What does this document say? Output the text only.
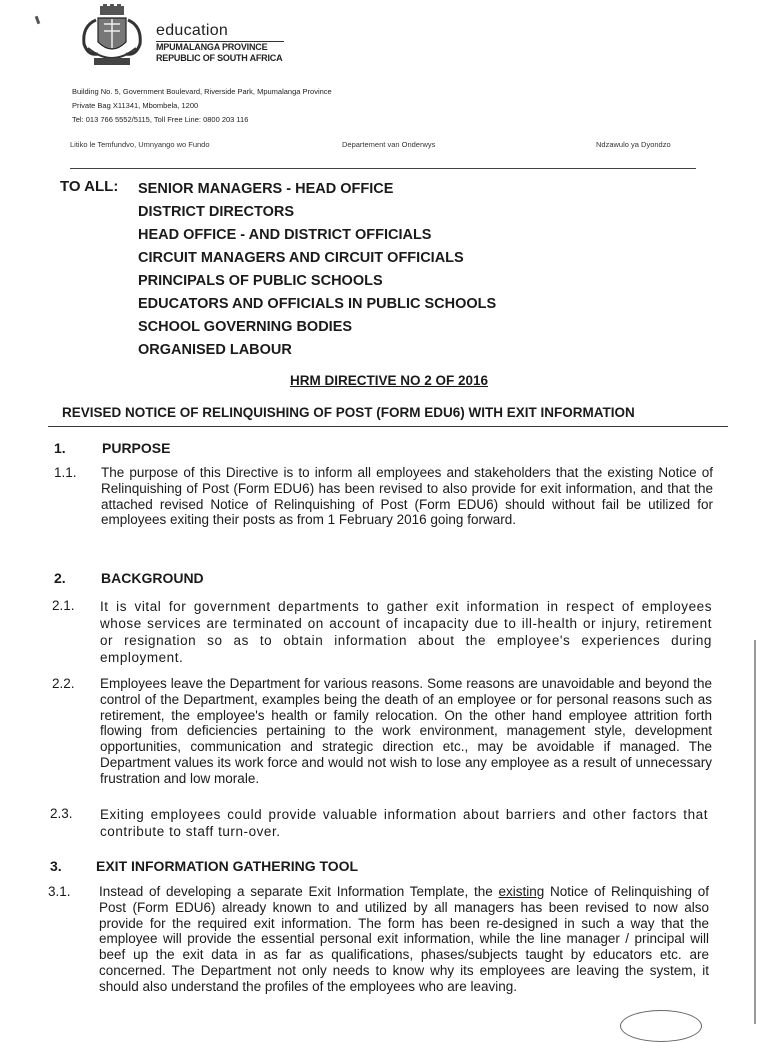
education
MPUMALANGA PROVINCE
REPUBLIC OF SOUTH AFRICA
Building No. 5, Government Boulevard, Riverside Park, Mpumalanga Province
Private Bag X11341, Mbombela, 1200
Tel: 013 766 5552/5115, Toll Free Line: 0800 203 116
Litiko le Temfundvo, Umnyango wo Fundo	Departement van Onderwys	Ndzawulo ya Dyondzo
TO ALL: SENIOR MANAGERS - HEAD OFFICE
DISTRICT DIRECTORS
HEAD OFFICE - AND DISTRICT OFFICIALS
CIRCUIT MANAGERS AND CIRCUIT OFFICIALS
PRINCIPALS OF PUBLIC SCHOOLS
EDUCATORS AND OFFICIALS IN PUBLIC SCHOOLS
SCHOOL GOVERNING BODIES
ORGANISED LABOUR
HRM DIRECTIVE NO 2 OF 2016
REVISED NOTICE OF RELINQUISHING OF POST (FORM EDU6) WITH EXIT INFORMATION
1.	PURPOSE
1.1. The purpose of this Directive is to inform all employees and stakeholders that the existing Notice of Relinquishing of Post (Form EDU6) has been revised to also provide for exit information, and that the attached revised Notice of Relinquishing of Post (Form EDU6) should without fail be utilized for employees exiting their posts as from 1 February 2016 going forward.
2.	BACKGROUND
2.1. It is vital for government departments to gather exit information in respect of employees whose services are terminated on account of incapacity due to ill-health or injury, retirement or resignation so as to obtain information about the employee's experiences during employment.
2.2. Employees leave the Department for various reasons. Some reasons are unavoidable and beyond the control of the Department, examples being the death of an employee or for personal reasons such as retirement, the employee's health or family relocation. On the other hand employee attrition forth flowing from deficiencies pertaining to the work environment, management style, development opportunities, communication and strategic direction etc., may be avoidable if managed. The Department values its work force and would not wish to lose any employee as a result of unnecessary frustration and low morale.
2.3. Exiting employees could provide valuable information about barriers and other factors that contribute to staff turn-over.
3. EXIT INFORMATION GATHERING TOOL
3.1. Instead of developing a separate Exit Information Template, the existing Notice of Relinquishing of Post (Form EDU6) already known to and utilized by all managers has been revised to now also provide for the required exit information. The form has been re-designed in such a way that the employee will provide the essential personal exit information, while the line manager / principal will beef up the exit data in as far as qualifications, phases/subjects taught by educators etc. are concerned. The Department not only needs to know why its employees are leaving the system, it should also understand the profiles of the employees who are leaving.
